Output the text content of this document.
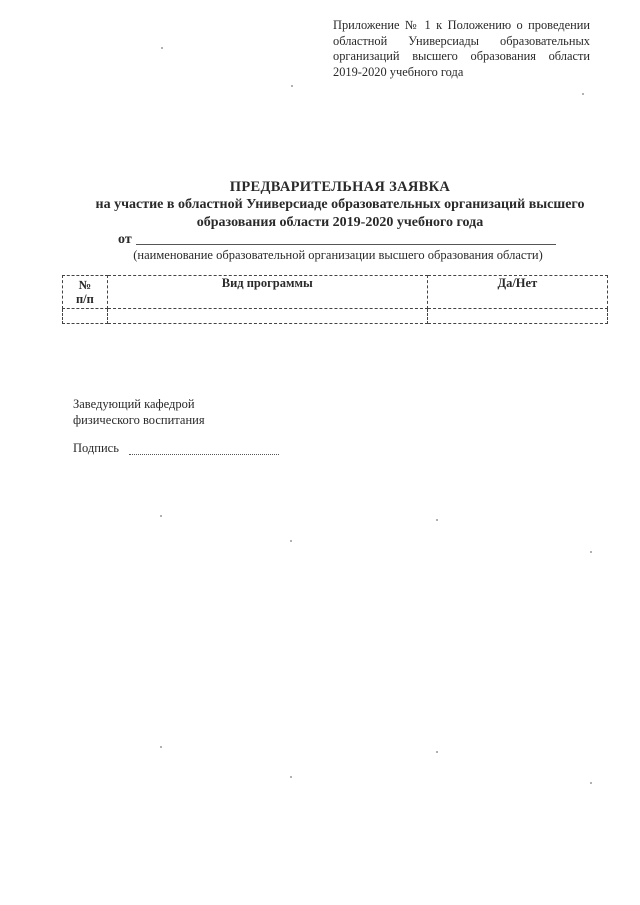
Приложение № 1 к Положению о проведении
областной Универсиады образовательных
организаций высшего образования области
2019-2020 учебного года
ПРЕДВАРИТЕЛЬНАЯ ЗАЯВКА
на участие в областной Универсиаде образовательных организаций высшего
образования области 2019-2020 учебного года
от
(наименование образовательной организации высшего образования области)
№
п/п	Вид программы	Да/Нет

Заведующий кафедрой
физического воспитания
Подпись
